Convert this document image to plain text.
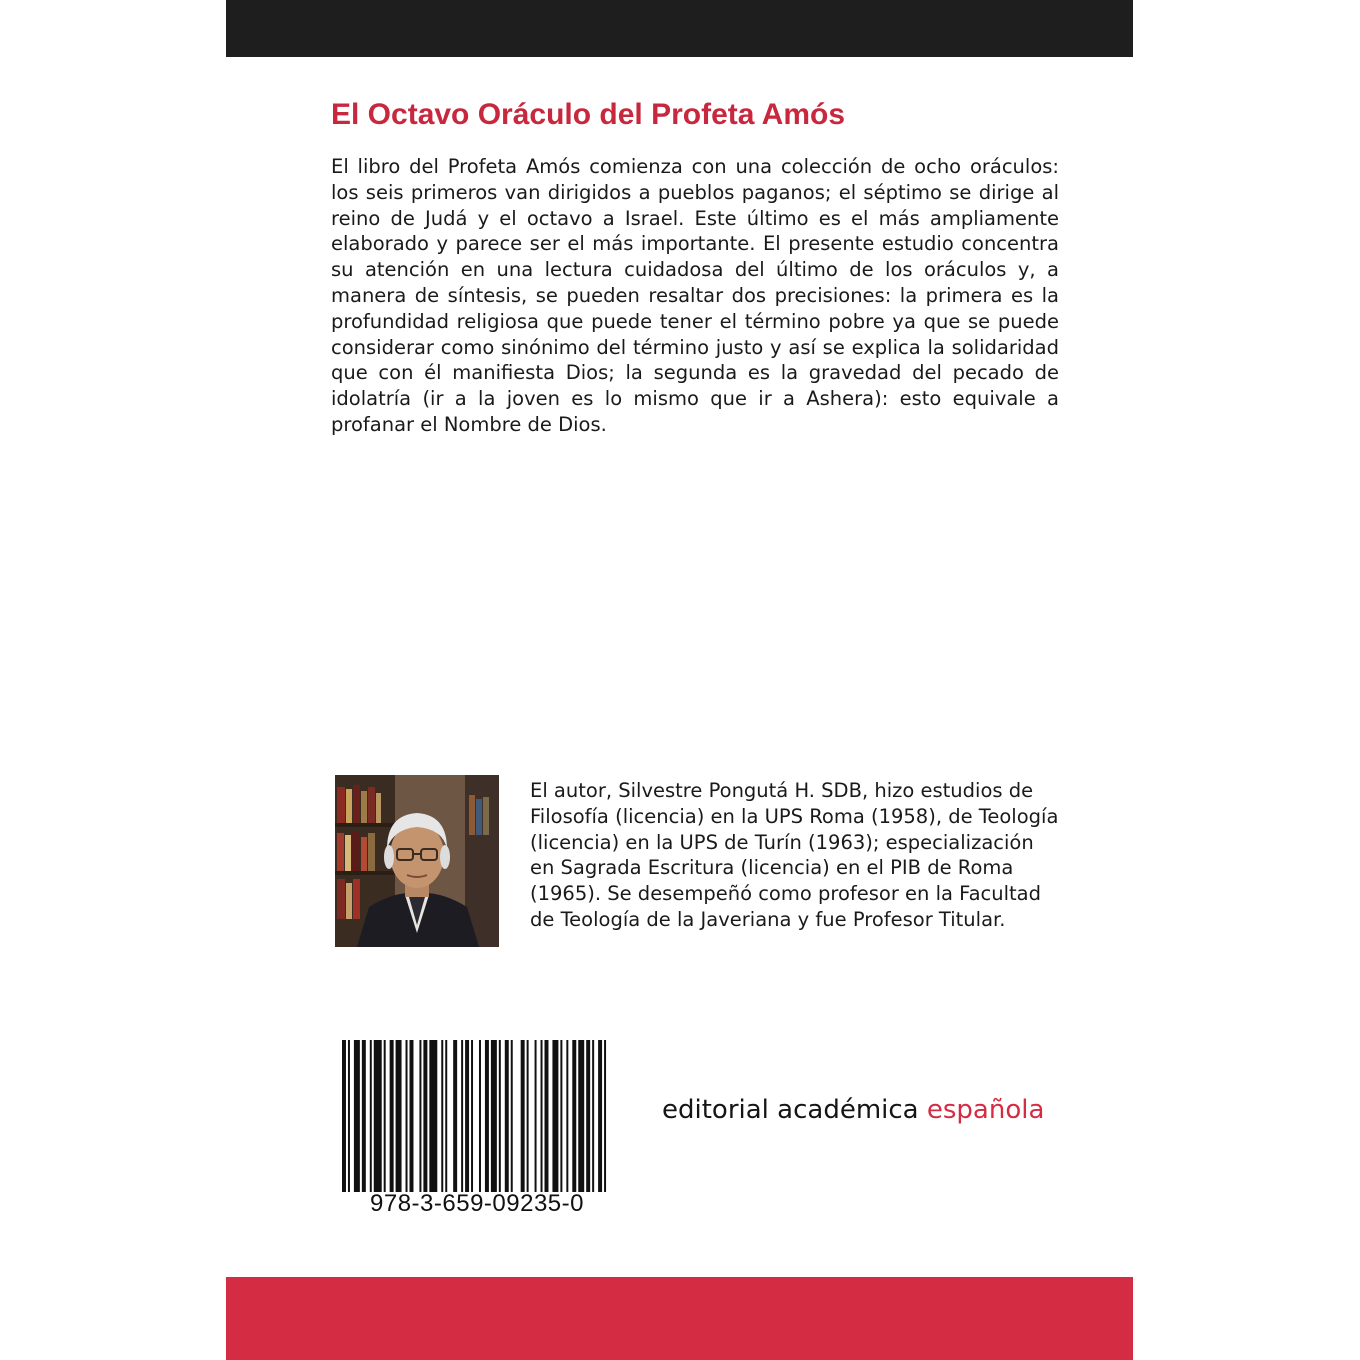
El Octavo Oráculo del Profeta Amós

El libro del Profeta Amós comienza con una colección de ocho oráculos: los seis primeros van dirigidos a pueblos paganos; el séptimo se dirige al reino de Judá y el octavo a Israel. Este último es el más ampliamente elaborado y parece ser el más importante. El presente estudio concentra su atención en una lectura cuidadosa del último de los oráculos y, a manera de síntesis, se pueden resaltar dos precisiones: la primera es la profundidad religiosa que puede tener el término pobre ya que se puede considerar como sinónimo del término justo y así se explica la solidaridad que con él manifiesta Dios; la segunda es la gravedad del pecado de idolatría (ir a la joven es lo mismo que ir a Ashera): esto equivale a profanar el Nombre de Dios.

El autor, Silvestre Pongutá H. SDB, hizo estudios de Filosofía (licencia) en la UPS Roma (1958), de Teología (licencia) en la UPS de Turín (1963); especialización en Sagrada Escritura (licencia) en el PIB de Roma (1965). Se desempeñó como profesor en la Facultad de Teología de la Javeriana y fue Profesor Titular.

978-3-659-09235-0
editorial académica española
